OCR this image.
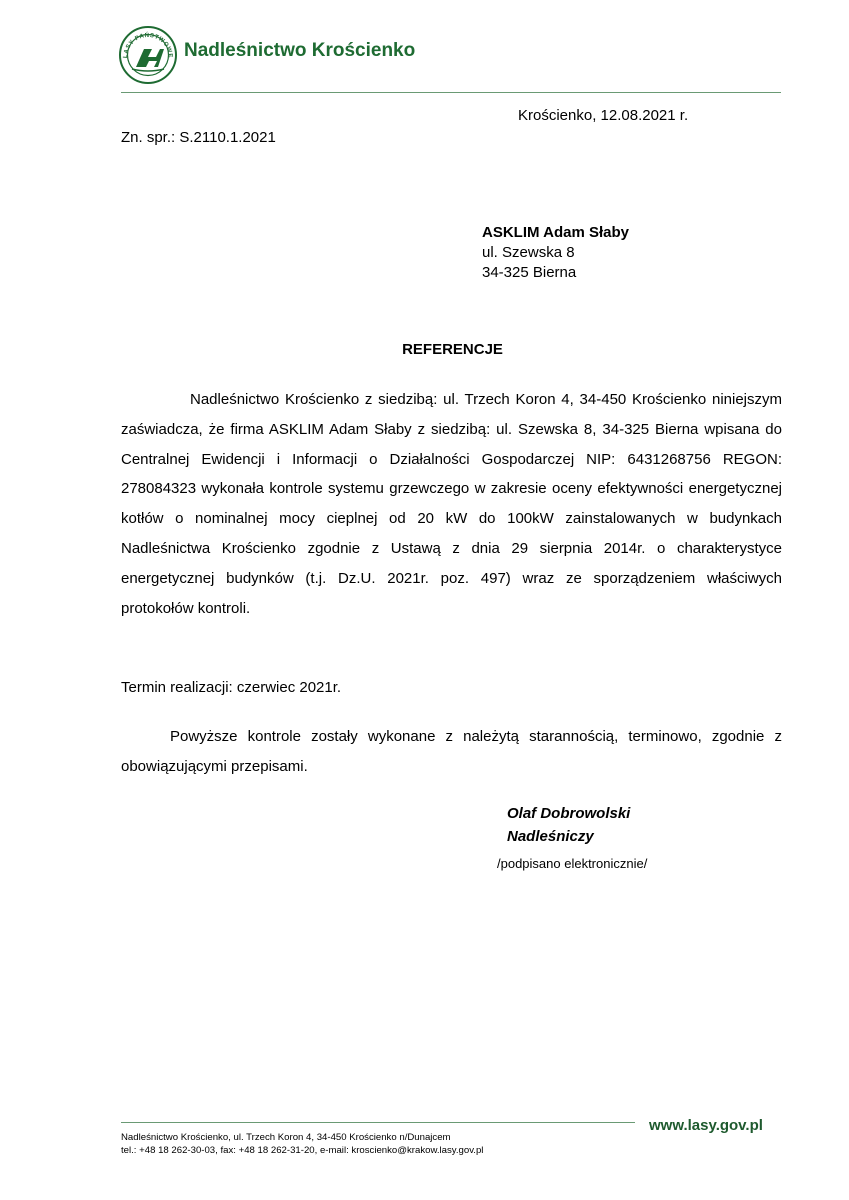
LASY PAŃSTWOWE Nadleśnictwo Krościenko
Krościenko, 12.08.2021 r.
Zn. spr.: S.2110.1.2021
ASKLIM Adam Słaby
ul. Szewska 8
34-325 Bierna
REFERENCJE
Nadleśnictwo Krościenko z siedzibą: ul. Trzech Koron 4, 34-450 Krościenko niniejszym zaświadcza, że firma ASKLIM Adam Słaby z siedzibą: ul. Szewska 8, 34-325 Bierna wpisana do Centralnej Ewidencji i Informacji o Działalności Gospodarczej NIP: 6431268756 REGON: 278084323 wykonała kontrole systemu grzewczego w zakresie oceny efektywności energetycznej kotłów o nominalnej mocy cieplnej od 20 kW do 100kW zainstalowanych w budynkach Nadleśnictwa Krościenko zgodnie z Ustawą z dnia 29 sierpnia 2014r. o charakterystyce energetycznej budynków (t.j. Dz.U. 2021r. poz. 497) wraz ze sporządzeniem właściwych protokołów kontroli.
Termin realizacji: czerwiec 2021r.
Powyższe kontrole zostały wykonane z należytą starannością, terminowo, zgodnie z obowiązującymi przepisami.
Olaf Dobrowolski
Nadleśniczy
/podpisano elektronicznie/
www.lasy.gov.pl
Nadleśnictwo Krościenko, ul. Trzech Koron 4, 34-450 Krościenko n/Dunajcem
tel.: +48 18 262-30-03, fax: +48 18 262-31-20, e-mail: kroscienko@krakow.lasy.gov.pl
